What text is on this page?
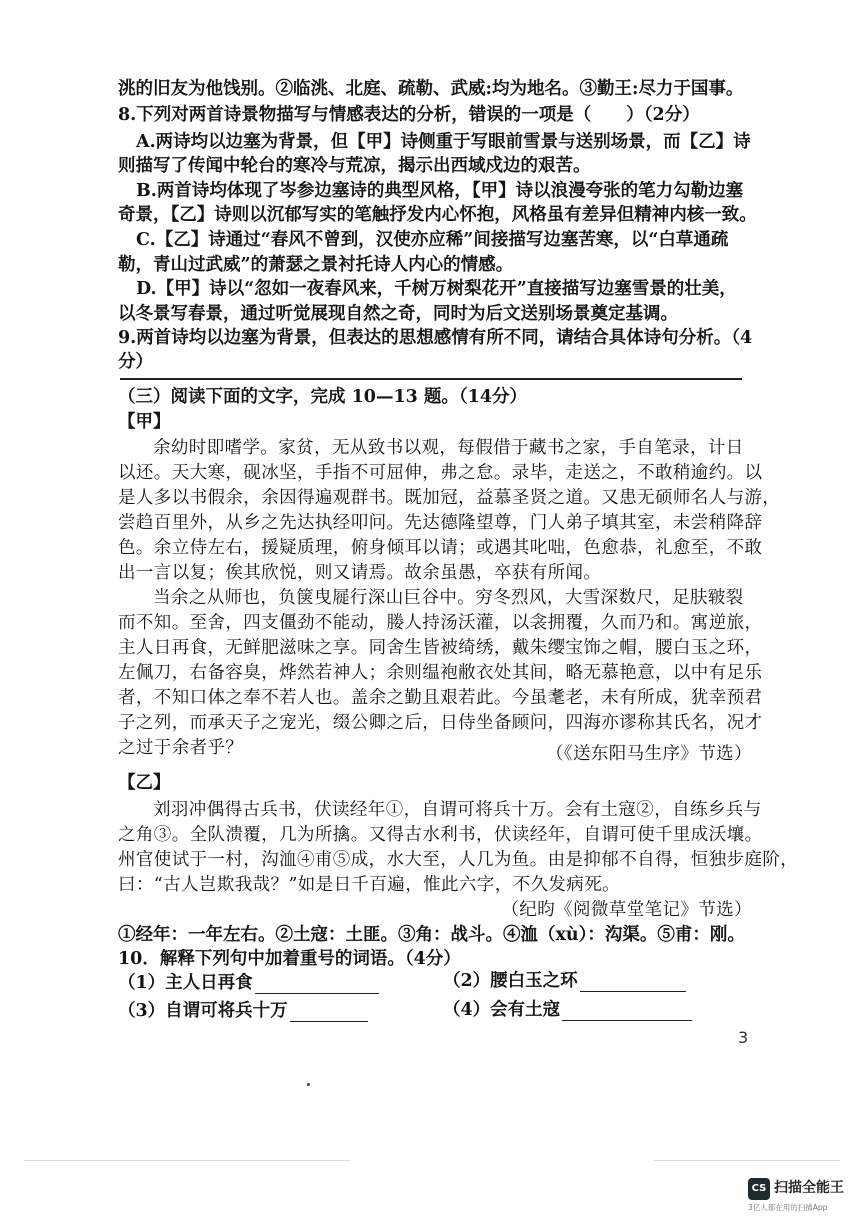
洮的旧友为他饯别。②临洮、北庭、疏勒、武威:均为地名。③勤王:尽力于国事。
8.下列对两首诗景物描写与情感表达的分析，错误的一项是（　　）（2分）
A.两诗均以边塞为背景，但【甲】诗侧重于写眼前雪景与送别场景，而【乙】诗
则描写了传闻中轮台的寒冷与荒凉，揭示出西域戍边的艰苦。
B.两首诗均体现了岑参边塞诗的典型风格，【甲】诗以浪漫夸张的笔力勾勒边塞
奇景，【乙】诗则以沉郁写实的笔触抒发内心怀抱，风格虽有差异但精神内核一致。
C.【乙】诗通过“春风不曾到，汉使亦应稀”间接描写边塞苦寒，以“白草通疏
勒，青山过武威”的萧瑟之景衬托诗人内心的情感。
D.【甲】诗以“忽如一夜春风来，千树万树梨花开”直接描写边塞雪景的壮美，
以冬景写春景，通过听觉展现自然之奇，同时为后文送别场景奠定基调。
9.两首诗均以边塞为背景，但表达的思想感情有所不同，请结合具体诗句分析。（4
分）
（三）阅读下面的文字，完成 10—13 题。（14分）
【甲】
余幼时即嗜学。家贫，无从致书以观，每假借于藏书之家，手自笔录，计日
以还。天大寒，砚冰坚，手指不可屈伸，弗之怠。录毕，走送之，不敢稍逾约。以
是人多以书假余，余因得遍观群书。既加冠，益慕圣贤之道。又患无硕师名人与游，
尝趋百里外，从乡之先达执经叩问。先达德隆望尊，门人弟子填其室，未尝稍降辞
色。余立侍左右，援疑质理，俯身倾耳以请；或遇其叱咄，色愈恭，礼愈至，不敢
出一言以复；俟其欣悦，则又请焉。故余虽愚，卒获有所闻。
当余之从师也，负箧曳屣行深山巨谷中。穷冬烈风，大雪深数尺，足肤皲裂
而不知。至舍，四支僵劲不能动，媵人持汤沃灌，以衾拥覆，久而乃和。寓逆旅，
主人日再食，无鲜肥滋味之享。同舍生皆被绮绣，戴朱缨宝饰之帽，腰白玉之环，
左佩刀，右备容臭，烨然若神人；余则缊袍敝衣处其间，略无慕艳意，以中有足乐
者，不知口体之奉不若人也。盖余之勤且艰若此。今虽耄老，未有所成，犹幸预君
子之列，而承天子之宠光，缀公卿之后，日侍坐备顾问，四海亦谬称其氏名，况才
之过于余者乎？	（《送东阳马生序》节选）
【乙】
刘羽冲偶得古兵书，伏读经年①，自谓可将兵十万。会有土寇②，自练乡兵与
之角③。全队溃覆，几为所擒。又得古水利书，伏读经年，自谓可使千里成沃壤。
州官使试于一村，沟洫④甫⑤成，水大至，人几为鱼。由是抑郁不自得，恒独步庭阶，
曰：“古人岂欺我哉？”如是日千百遍，惟此六字，不久发病死。
（纪昀《阅微草堂笔记》节选）
①经年：一年左右。②土寇：土匪。③角：战斗。④洫（xù）：沟渠。⑤甫：刚。
10．解释下列句中加着重号的词语。（4分）
（1）主人日再食	（2）腰白玉之环
（3）自谓可将兵十万	（4）会有土寇
3
CS 扫描全能王
3亿人都在用的扫描App
